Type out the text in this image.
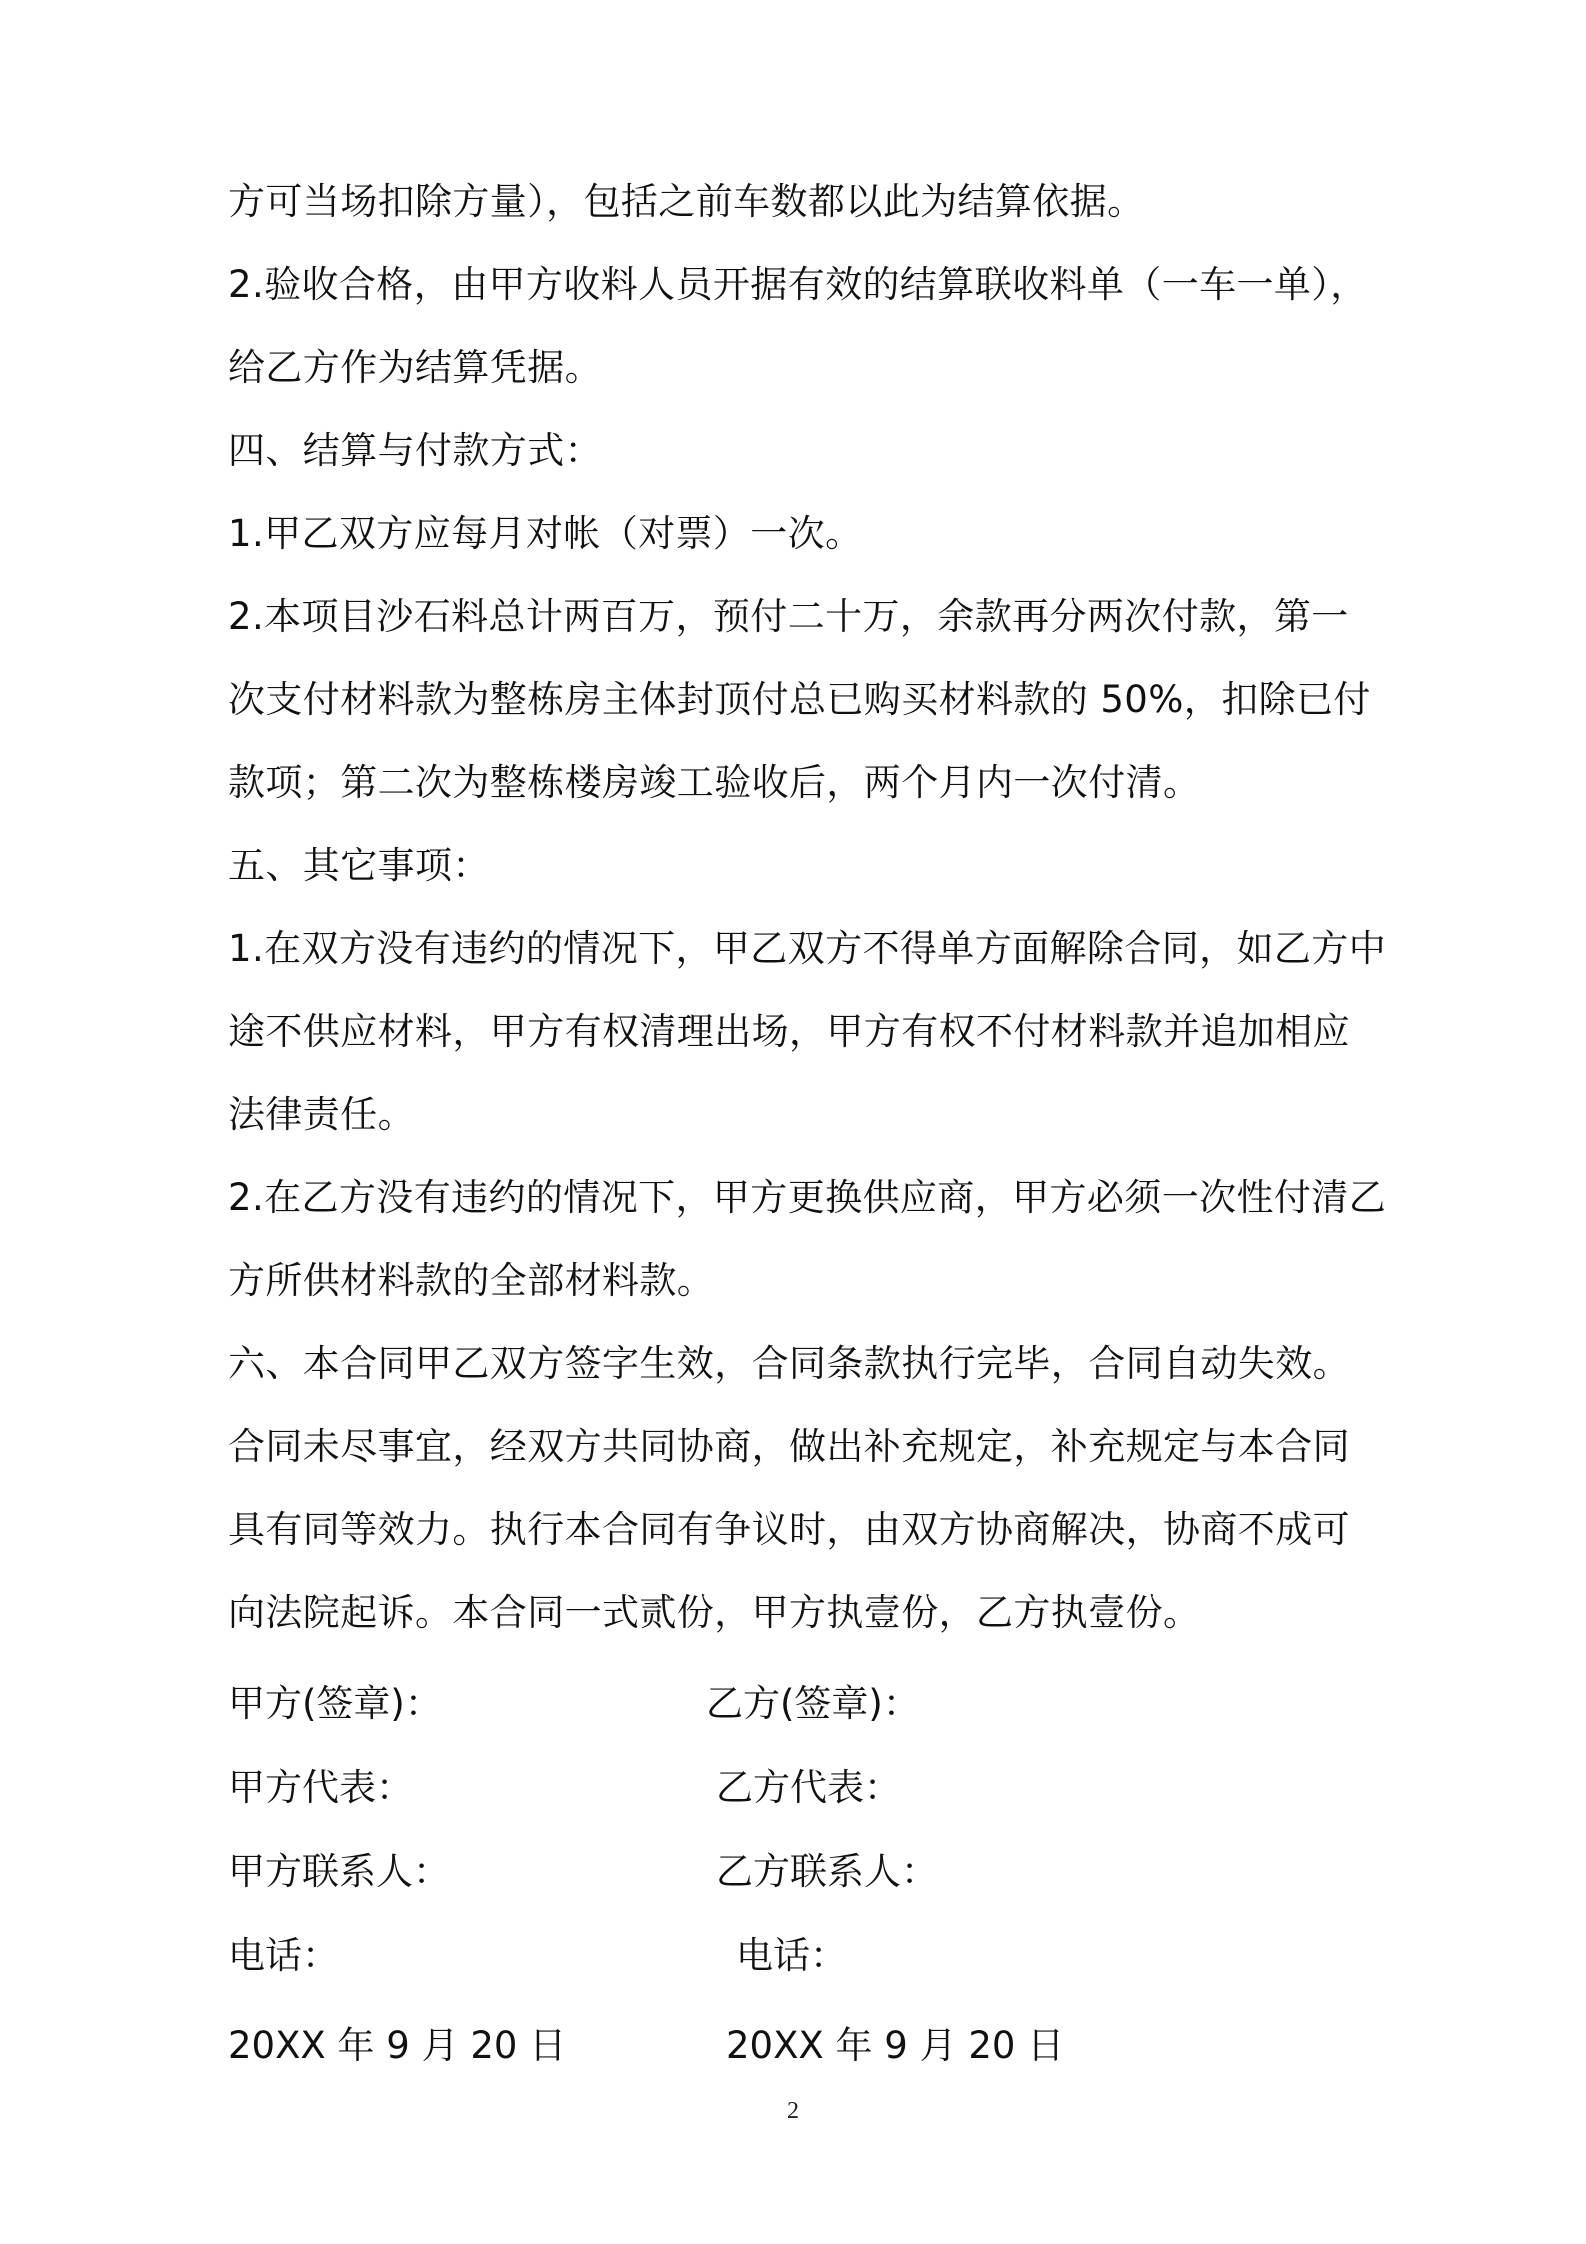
方可当场扣除方量），包括之前车数都以此为结算依据。
2.验收合格，由甲方收料人员开据有效的结算联收料单（一车一单），
给乙方作为结算凭据。
四、结算与付款方式：
1.甲乙双方应每月对帐（对票）一次。
2.本项目沙石料总计两百万，预付二十万，余款再分两次付款，第一
次支付材料款为整栋房主体封顶付总已购买材料款的 50%，扣除已付
款项；第二次为整栋楼房竣工验收后，两个月内一次付清。
五、其它事项：
1.在双方没有违约的情况下，甲乙双方不得单方面解除合同，如乙方中
途不供应材料，甲方有权清理出场，甲方有权不付材料款并追加相应
法律责任。
2.在乙方没有违约的情况下，甲方更换供应商，甲方必须一次性付清乙
方所供材料款的全部材料款。
六、本合同甲乙双方签字生效，合同条款执行完毕，合同自动失效。
合同未尽事宜，经双方共同协商，做出补充规定，补充规定与本合同
具有同等效力。执行本合同有争议时，由双方协商解决，协商不成可
向法院起诉。本合同一式贰份，甲方执壹份，乙方执壹份。
甲方(签章)：	乙方(签章)：
甲方代表：	乙方代表：
甲方联系人：	乙方联系人：
电话：	电话：
20XX 年 9 月 20 日	20XX 年 9 月 20 日
2
